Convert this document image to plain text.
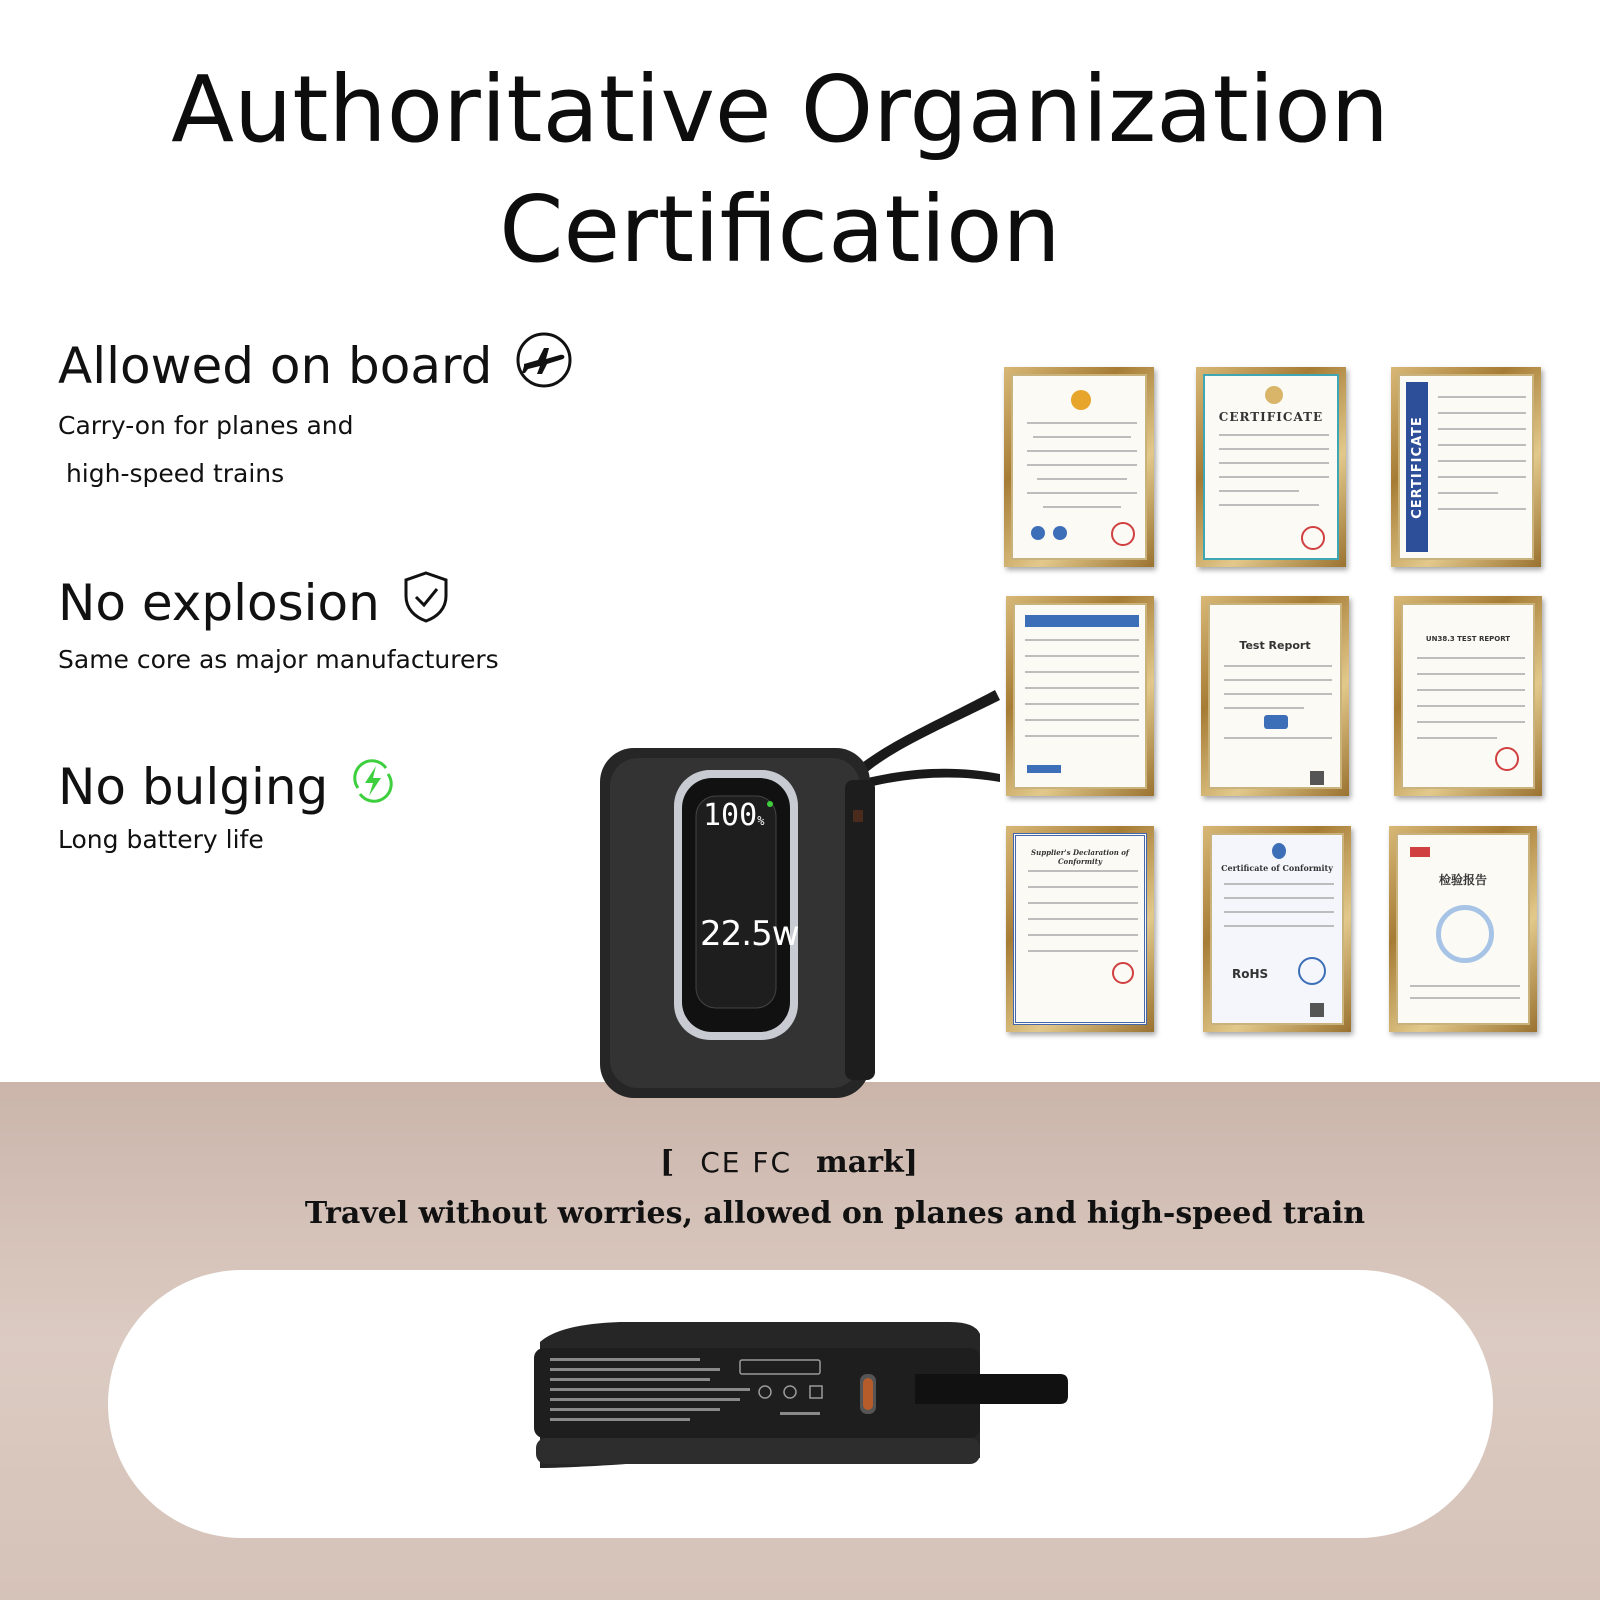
Authoritative Organization
Certification
Allowed on board

Carry-on for planes and

high-speed trains

No explosion

Same core as major manufacturers

No bulging

Long battery life

CERTIFICATE	CERTIFICATE
Test Report	UN38.3 TEST REPORT
Supplier's Declaration of Conformity
Certificate of Conformity
RoHS
检验报告
100%
22.5w
[ CE FC mark]
Travel without worries, allowed on planes and high-speed train
